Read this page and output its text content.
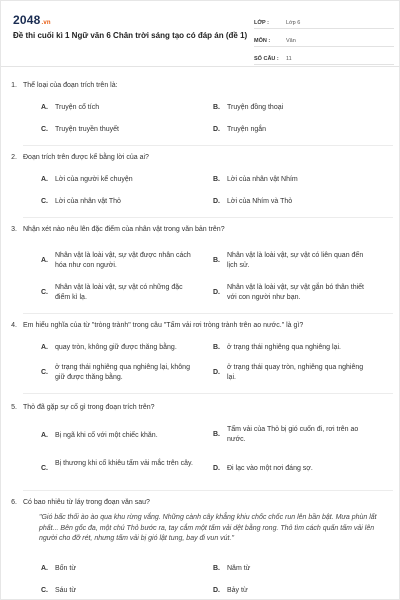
2048.vn
Đề thi cuối kì 1 Ngữ văn 6 Chân trời sáng tạo có đáp án (đề 1)
LỚP :	Lớp 6
MÔN :	Văn
SỐ CÂU :	11
1. Thể loại của đoạn trích trên là:
A.	Truyện cổ tích	B.	Truyện đồng thoại
C.	Truyện truyền thuyết	D.	Truyện ngắn
2. Đoạn trích trên được kể bằng lời của ai?
A.	Lời của người kể chuyện	B.	Lời của nhân vật Nhím
C.	Lời của nhân vật Thỏ	D.	Lời của Nhím và Thỏ
3. Nhận xét nào nêu lên đặc điểm của nhân vật trong văn bản trên?
A.
Nhân vật là loài vật, sự vật được nhân cách hóa như con người.
B.
Nhân vật là loài vật, sự vật có liên quan đến lịch sử.
C.
Nhân vật là loài vật, sự vật có những đặc điểm kì lạ.
D.
Nhân vật là loài vật, sự vật gắn bó thân thiết với con người như bạn.
4. Em hiểu nghĩa của từ "tròng trành" trong câu "Tấm vải rơi tròng trành trên ao nước." là gì?
A.	quay tròn, không giữ được thăng bằng.	B.	ở trạng thái nghiêng qua nghiêng lại.
C.
ở trạng thái nghiêng qua nghiêng lại, không giữ được thăng bằng.
D.
ở trạng thái quay tròn, nghiêng qua nghiêng lại.
5. Thỏ đã gặp sự cố gì trong đoạn trích trên?
A.	Bị ngã khi cố với một chiếc khăn.	B.
Tấm vải của Thỏ bị gió cuốn đi, rơi trên ao nước.
C.
Bị thương khi cố khiêu tấm vải mắc trên cây.
D.	Đi lạc vào một nơi đáng sợ.
6. Có bao nhiêu từ láy trong đoạn văn sau?
"Gió bấc thổi ào ào qua khu rừng vắng. Những cành cây khẳng khiu chốc chốc run lên bần bật. Mưa phùn lất phất... Bên gốc đa, một chú Thỏ bước ra, tay cắm một tấm vải dệt bằng rong. Thỏ tìm cách quấn tấm vải lên người cho đỡ rét, nhưng tấm vải bị gió lật tung, bay đi vun vút."
A.	Bốn từ	B.	Năm từ
C.	Sáu từ	D.	Bảy từ
